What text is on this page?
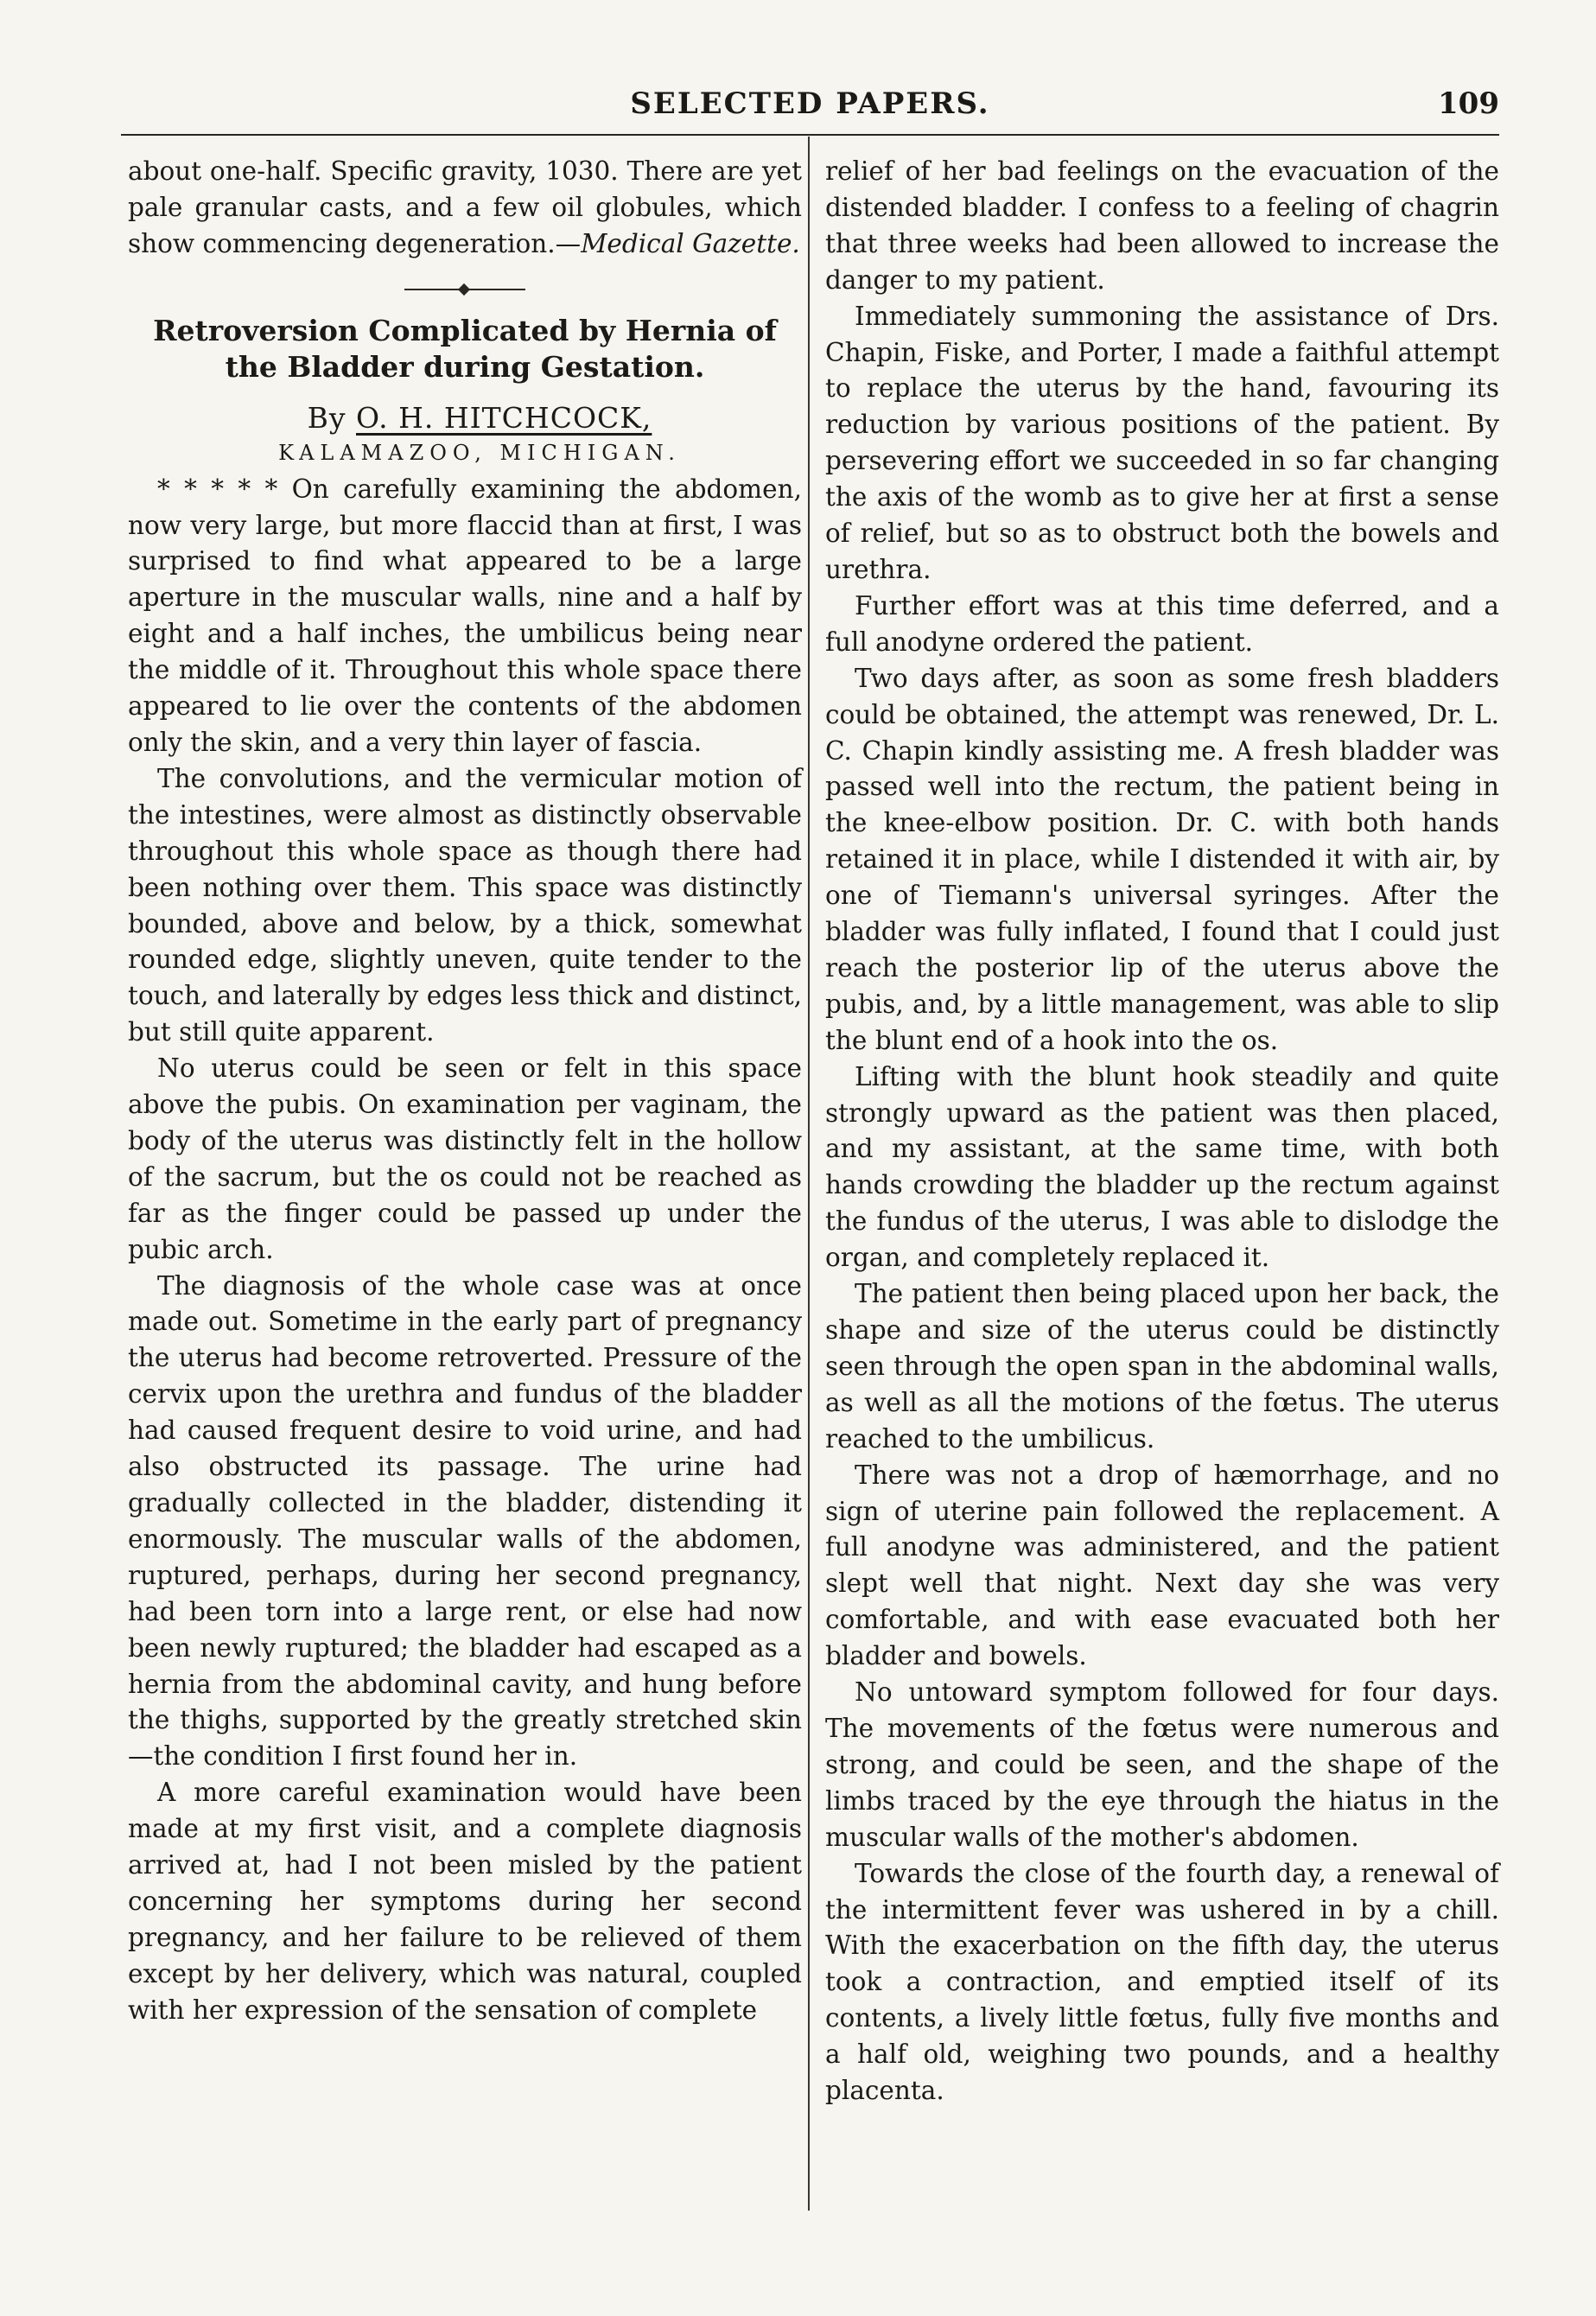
SELECTED PAPERS.	109

about one-half. Specific gravity, 1030. There are yet pale granular casts, and a few oil globules, which show commencing degeneration.—Medical Gazette.

Retroversion Complicated by Hernia of the Bladder during Gestation.

By O. H. HITCHCOCK,

KALAMAZOO, MICHIGAN.

* * * * * On carefully examining the abdomen, now very large, but more flaccid than at first, I was surprised to find what appeared to be a large aperture in the muscular walls, nine and a half by eight and a half inches, the umbilicus being near the middle of it. Throughout this whole space there appeared to lie over the contents of the abdomen only the skin, and a very thin layer of fascia.

The convolutions, and the vermicular motion of the intestines, were almost as distinctly observable throughout this whole space as though there had been nothing over them. This space was distinctly bounded, above and below, by a thick, somewhat rounded edge, slightly uneven, quite tender to the touch, and laterally by edges less thick and distinct, but still quite apparent.

No uterus could be seen or felt in this space above the pubis. On examination per vaginam, the body of the uterus was distinctly felt in the hollow of the sacrum, but the os could not be reached as far as the finger could be passed up under the pubic arch.

The diagnosis of the whole case was at once made out. Sometime in the early part of pregnancy the uterus had become retroverted. Pressure of the cervix upon the urethra and fundus of the bladder had caused frequent desire to void urine, and had also obstructed its passage. The urine had gradually collected in the bladder, distending it enormously. The muscular walls of the abdomen, ruptured, perhaps, during her second pregnancy, had been torn into a large rent, or else had now been newly ruptured; the bladder had escaped as a hernia from the abdominal cavity, and hung before the thighs, supported by the greatly stretched skin—the condition I first found her in.

A more careful examination would have been made at my first visit, and a complete diagnosis arrived at, had I not been misled by the patient concerning her symptoms during her second pregnancy, and her failure to be relieved of them except by her delivery, which was natural, coupled with her expression of the sensation of complete

relief of her bad feelings on the evacuation of the distended bladder. I confess to a feeling of chagrin that three weeks had been allowed to increase the danger to my patient.

Immediately summoning the assistance of Drs. Chapin, Fiske, and Porter, I made a faithful attempt to replace the uterus by the hand, favouring its reduction by various positions of the patient. By persevering effort we succeeded in so far changing the axis of the womb as to give her at first a sense of relief, but so as to obstruct both the bowels and urethra.

Further effort was at this time deferred, and a full anodyne ordered the patient.

Two days after, as soon as some fresh bladders could be obtained, the attempt was renewed, Dr. L. C. Chapin kindly assisting me. A fresh bladder was passed well into the rectum, the patient being in the knee-elbow position. Dr. C. with both hands retained it in place, while I distended it with air, by one of Tiemann's universal syringes. After the bladder was fully inflated, I found that I could just reach the posterior lip of the uterus above the pubis, and, by a little management, was able to slip the blunt end of a hook into the os.

Lifting with the blunt hook steadily and quite strongly upward as the patient was then placed, and my assistant, at the same time, with both hands crowding the bladder up the rectum against the fundus of the uterus, I was able to dislodge the organ, and completely replaced it.

The patient then being placed upon her back, the shape and size of the uterus could be distinctly seen through the open span in the abdominal walls, as well as all the motions of the fœtus. The uterus reached to the umbilicus.

There was not a drop of hæmorrhage, and no sign of uterine pain followed the replacement. A full anodyne was administered, and the patient slept well that night. Next day she was very comfortable, and with ease evacuated both her bladder and bowels.

No untoward symptom followed for four days. The movements of the fœtus were numerous and strong, and could be seen, and the shape of the limbs traced by the eye through the hiatus in the muscular walls of the mother's abdomen.

Towards the close of the fourth day, a renewal of the intermittent fever was ushered in by a chill. With the exacerbation on the fifth day, the uterus took a contraction, and emptied itself of its contents, a lively little fœtus, fully five months and a half old, weighing two pounds, and a healthy placenta.
